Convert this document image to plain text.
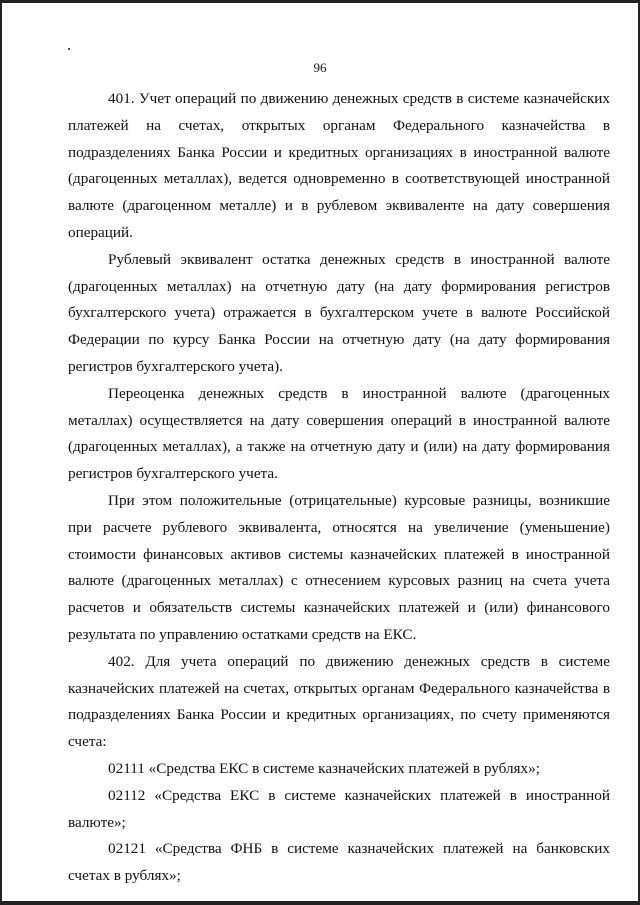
96

401. Учет операций по движению денежных средств в системе казначейских платежей на счетах, открытых органам Федерального казначейства в подразделениях Банка России и кредитных организациях в иностранной валюте (драгоценных металлах), ведется одновременно в соответствующей иностранной валюте (драгоценном металле) и в рублевом эквиваленте на дату совершения операций.

Рублевый эквивалент остатка денежных средств в иностранной валюте (драгоценных металлах) на отчетную дату (на дату формирования регистров бухгалтерского учета) отражается в бухгалтерском учете в валюте Российской Федерации по курсу Банка России на отчетную дату (на дату формирования регистров бухгалтерского учета).

Переоценка денежных средств в иностранной валюте (драгоценных металлах) осуществляется на дату совершения операций в иностранной валюте (драгоценных металлах), а также на отчетную дату и (или) на дату формирования регистров бухгалтерского учета.

При этом положительные (отрицательные) курсовые разницы, возникшие при расчете рублевого эквивалента, относятся на увеличение (уменьшение) стоимости финансовых активов системы казначейских платежей в иностранной валюте (драгоценных металлах) с отнесением курсовых разниц на счета учета расчетов и обязательств системы казначейских платежей и (или) финансового результата по управлению остатками средств на ЕКС.

402. Для учета операций по движению денежных средств в системе казначейских платежей на счетах, открытых органам Федерального казначейства в подразделениях Банка России и кредитных организациях, по счету применяются счета:

02111 «Средства ЕКС в системе казначейских платежей в рублях»;

02112 «Средства ЕКС в системе казначейских платежей в иностранной валюте»;

02121 «Средства ФНБ в системе казначейских платежей на банковских счетах в рублях»;
